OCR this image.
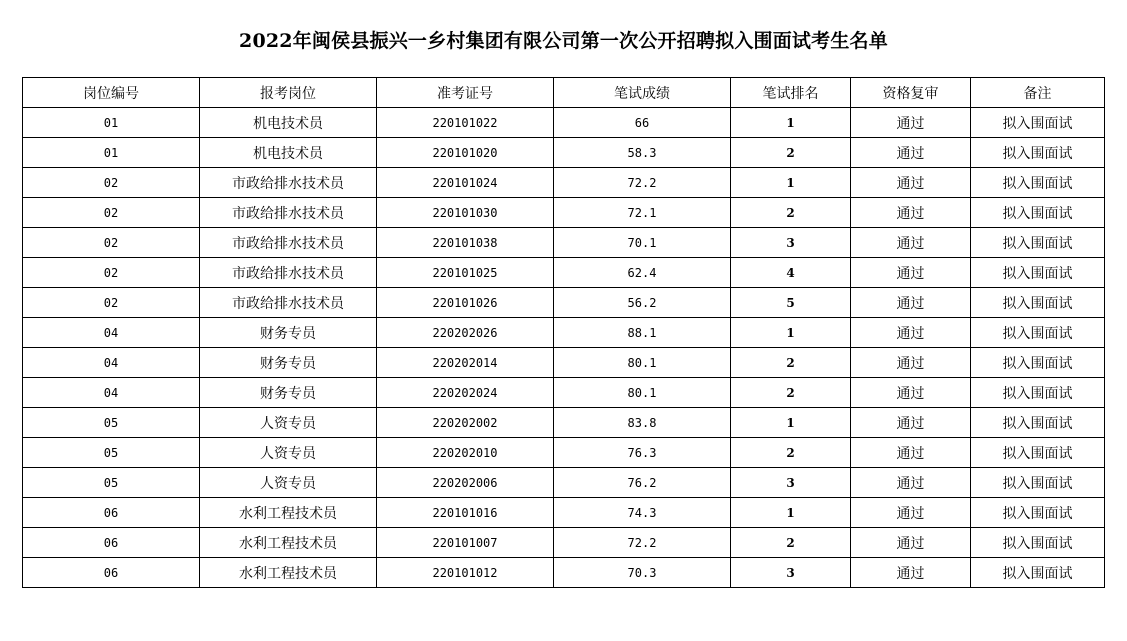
2022年闽侯县振兴一乡村集团有限公司第一次公开招聘拟入围面试考生名单
岗位编号	报考岗位	准考证号	笔试成绩	笔试排名	资格复审	备注
01	机电技术员	220101022	66	1	通过	拟入围面试
01	机电技术员	220101020	58.3	2	通过	拟入围面试
02	市政给排水技术员	220101024	72.2	1	通过	拟入围面试
02	市政给排水技术员	220101030	72.1	2	通过	拟入围面试
02	市政给排水技术员	220101038	70.1	3	通过	拟入围面试
02	市政给排水技术员	220101025	62.4	4	通过	拟入围面试
02	市政给排水技术员	220101026	56.2	5	通过	拟入围面试
04	财务专员	220202026	88.1	1	通过	拟入围面试
04	财务专员	220202014	80.1	2	通过	拟入围面试
04	财务专员	220202024	80.1	2	通过	拟入围面试
05	人资专员	220202002	83.8	1	通过	拟入围面试
05	人资专员	220202010	76.3	2	通过	拟入围面试
05	人资专员	220202006	76.2	3	通过	拟入围面试
06	水利工程技术员	220101016	74.3	1	通过	拟入围面试
06	水利工程技术员	220101007	72.2	2	通过	拟入围面试
06	水利工程技术员	220101012	70.3	3	通过	拟入围面试
